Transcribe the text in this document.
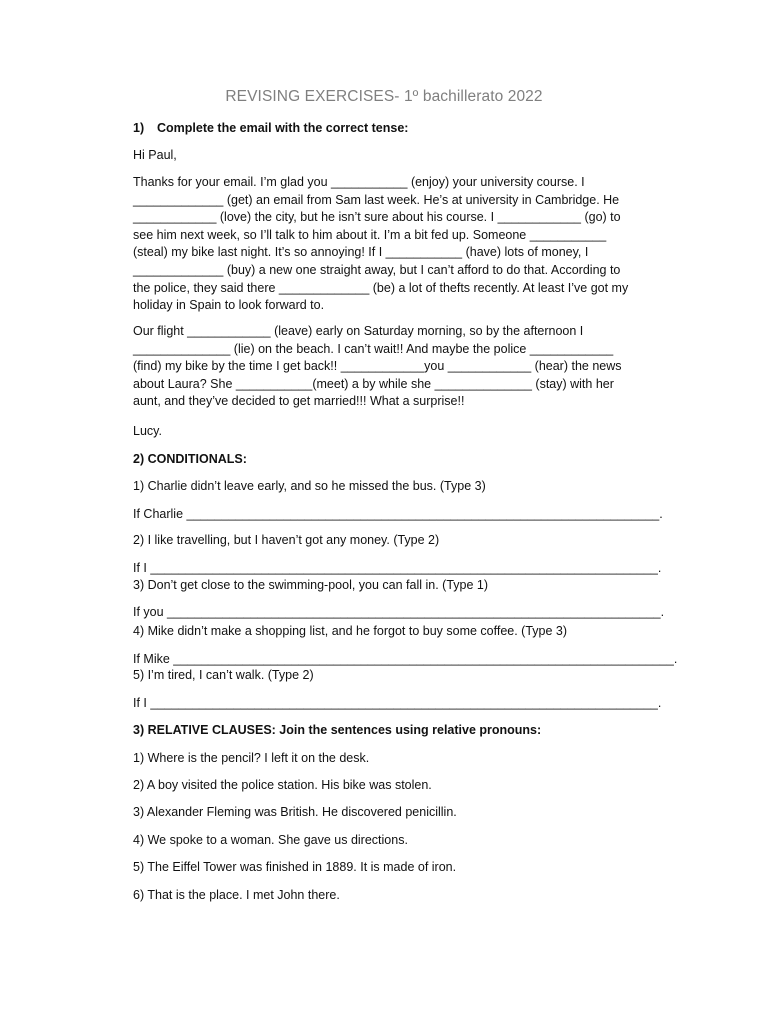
REVISING EXERCISES- 1º bachillerato 2022
1) Complete the email with the correct tense:
Hi Paul,

Thanks for your email. I’m glad you ___________ (enjoy) your university course. I

_____________ (get) an email from Sam last week. He’s at university in Cambridge. He

____________ (love) the city, but he isn’t sure about his course. I ____________ (go) to

see him next week, so I’ll talk to him about it. I’m a bit fed up. Someone ___________

(steal) my bike last night. It’s so annoying! If I ___________ (have) lots of money, I

_____________ (buy) a new one straight away, but I can’t afford to do that. According to

the police, they said there _____________ (be) a lot of thefts recently. At least I’ve got my

holiday in Spain to look forward to.

Our flight ____________ (leave) early on Saturday morning, so by the afternoon I

______________ (lie) on the beach. I can’t wait!! And maybe the police ____________

(find) my bike by the time I get back!! ____________you ____________ (hear) the news

about Laura? She ___________(meet) a by while she ______________ (stay) with her

aunt, and they’ve decided to get married!!! What a surprise!!

Lucy.
2) CONDITIONALS:
1) Charlie didn’t leave early, and so he missed the bus. (Type 3)
If Charlie ____________________________________________________________________.
2) I like travelling, but I haven’t got any money. (Type 2)
If I _________________________________________________________________________.
3) Don’t get close to the swimming-pool, you can fall in. (Type 1)
If you _______________________________________________________________________.
4) Mike didn’t make a shopping list, and he forgot to buy some coffee. (Type 3)
If Mike ________________________________________________________________________.
5) I’m tired, I can’t walk. (Type 2)
If I _________________________________________________________________________.
3) RELATIVE CLAUSES: Join the sentences using relative pronouns:
1) Where is the pencil? I left it on the desk.
2) A boy visited the police station. His bike was stolen.
3) Alexander Fleming was British. He discovered penicillin.
4) We spoke to a woman. She gave us directions.
5) The Eiffel Tower was finished in 1889. It is made of iron.
6) That is the place. I met John there.
